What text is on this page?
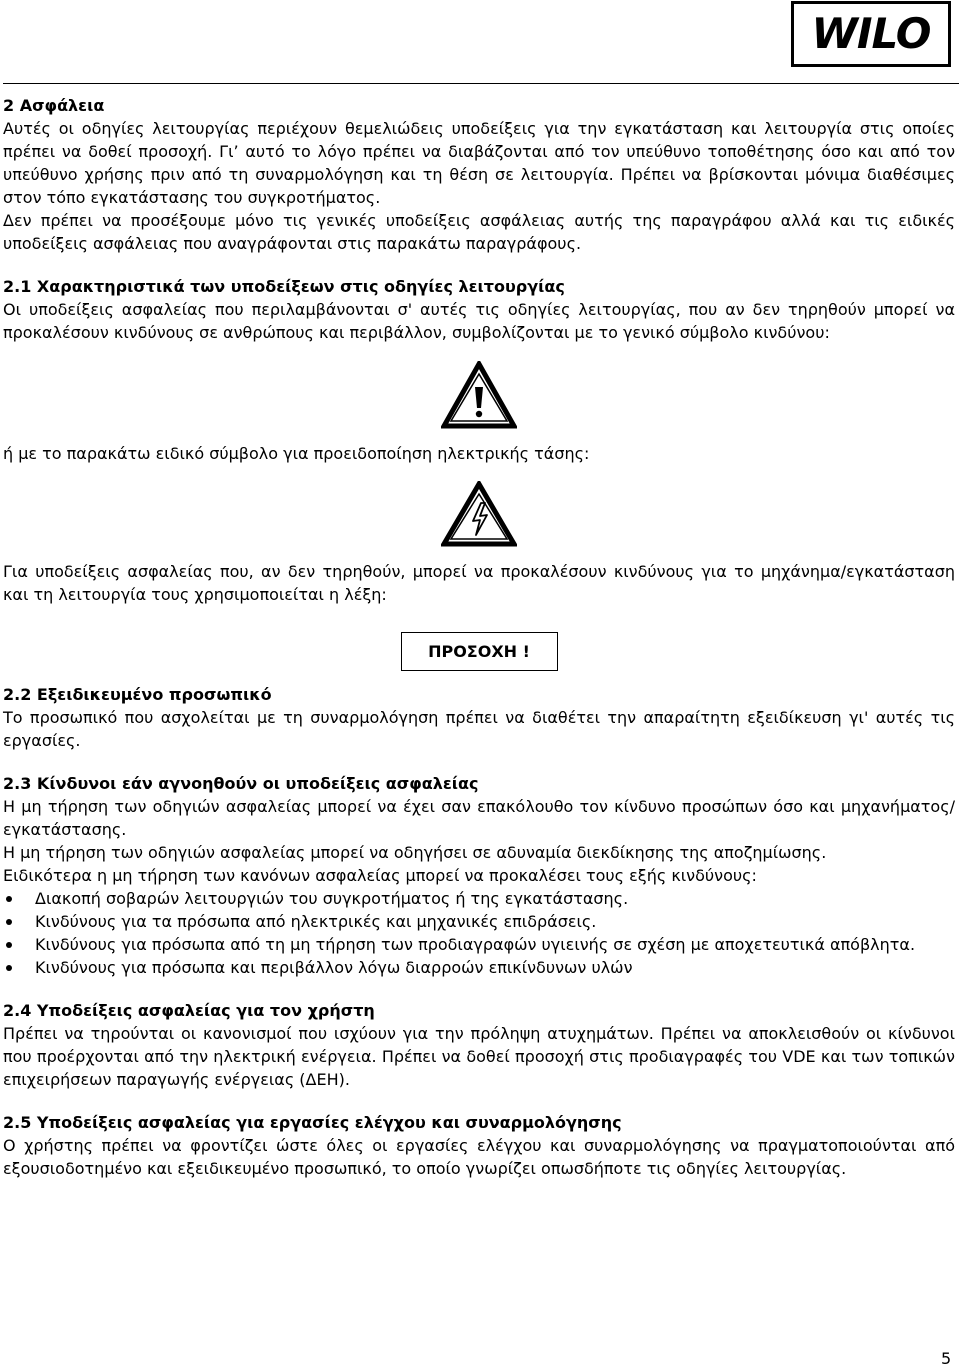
WILO
2 Ασφάλεια

Αυτές οι οδηγίες λειτουργίας περιέχουν θεμελιώδεις υποδείξεις για την εγκατάσταση και λειτουργία στις οποίες πρέπει να δοθεί προσοχή. Γι’ αυτό το λόγο πρέπει να διαβάζονται από τον υπεύθυνο τοποθέτησης όσο και από τον υπεύθυνο χρήσης πριν από τη συναρμολόγηση και τη θέση σε λειτουργία. Πρέπει να βρίσκονται μόνιμα διαθέσιμες στον τόπο εγκατάστασης του συγκροτήματος.

Δεν πρέπει να προσέξουμε μόνο τις γενικές υποδείξεις ασφάλειας αυτής της παραγράφου αλλά και τις ειδικές υποδείξεις ασφάλειας που αναγράφονται στις παρακάτω παραγράφους.

2.1 Χαρακτηριστικά των υποδείξεων στις οδηγίες λειτουργίας

Οι υποδείξεις ασφαλείας που περιλαμβάνονται σ' αυτές τις οδηγίες λειτουργίας, που αν δεν τηρηθούν μπορεί να προκαλέσουν κινδύνους σε ανθρώπους και περιβάλλον, συμβολίζονται με το γενικό σύμβολο κινδύνου:

ή με το παρακάτω ειδικό σύμβολο για προειδοποίηση ηλεκτρικής τάσης:

Για υποδείξεις ασφαλείας που, αν δεν τηρηθούν, μπορεί να προκαλέσουν κινδύνους για το μηχάνημα/εγκατάσταση και τη λειτουργία τους χρησιμοποιείται η λέξη:

ΠΡΟΣΟΧΗ !
2.2 Εξειδικευμένο προσωπικό

Το προσωπικό που ασχολείται με τη συναρμολόγηση πρέπει να διαθέτει την απαραίτητη εξειδίκευση γι' αυτές τις εργασίες.

2.3 Κίνδυνοι εάν αγνοηθούν οι υποδείξεις ασφαλείας

Η μη τήρηση των οδηγιών ασφαλείας μπορεί να έχει σαν επακόλουθο τον κίνδυνο προσώπων όσο και μηχανήματος/εγκατάστασης.

Η μη τήρηση των οδηγιών ασφαλείας μπορεί να οδηγήσει σε αδυναμία διεκδίκησης της αποζημίωσης.

Ειδικότερα η μη τήρηση των κανόνων ασφαλείας μπορεί να προκαλέσει τους εξής κινδύνους:

Διακοπή σοβαρών λειτουργιών του συγκροτήματος ή της εγκατάστασης.
Κινδύνους για τα πρόσωπα από ηλεκτρικές και μηχανικές επιδράσεις.
Κινδύνους για πρόσωπα από τη μη τήρηση των προδιαγραφών υγιεινής σε σχέση με αποχετευτικά απόβλητα.
Κινδύνους για πρόσωπα και περιβάλλον λόγω διαρροών επικίνδυνων υλών
2.4 Υποδείξεις ασφαλείας για τον χρήστη

Πρέπει να τηρούνται οι κανονισμοί που ισχύουν για την πρόληψη ατυχημάτων. Πρέπει να αποκλεισθούν οι κίνδυνοι που προέρχονται από την ηλεκτρική ενέργεια. Πρέπει να δοθεί προσοχή στις προδιαγραφές του VDE και των τοπικών επιχειρήσεων παραγωγής ενέργειας (ΔΕΗ).

2.5 Υποδείξεις ασφαλείας για εργασίες ελέγχου και συναρμολόγησης

Ο χρήστης πρέπει να φροντίζει ώστε όλες οι εργασίες ελέγχου και συναρμολόγησης να πραγματοποιούνται από εξουσιοδοτημένο και εξειδικευμένο προσωπικό, το οποίο γνωρίζει οπωσδήποτε τις οδηγίες λειτουργίας.

5
